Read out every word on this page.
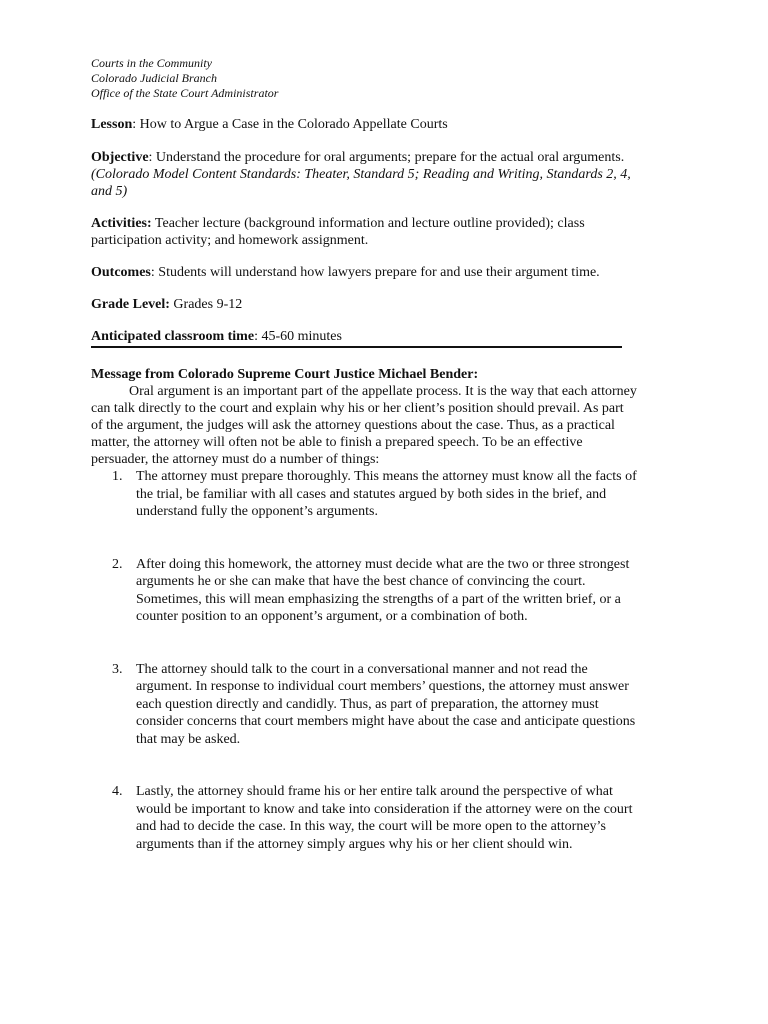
Courts in the Community
Colorado Judicial Branch
Office of the State Court Administrator

Lesson: How to Argue a Case in the Colorado Appellate Courts

Objective: Understand the procedure for oral arguments; prepare for the actual oral arguments. (Colorado Model Content Standards: Theater, Standard 5; Reading and Writing, Standards 2, 4, and 5)

Activities: Teacher lecture (background information and lecture outline provided); class participation activity; and homework assignment.

Outcomes: Students will understand how lawyers prepare for and use their argument time.

Grade Level: Grades 9-12

Anticipated classroom time: 45-60 minutes

Message from Colorado Supreme Court Justice Michael Bender:

Oral argument is an important part of the appellate process. It is the way that each attorney can talk directly to the court and explain why his or her client’s position should prevail. As part of the argument, the judges will ask the attorney questions about the case. Thus, as a practical matter, the attorney will often not be able to finish a prepared speech. To be an effective persuader, the attorney must do a number of things:

1. The attorney must prepare thoroughly. This means the attorney must know all the facts of the trial, be familiar with all cases and statutes argued by both sides in the brief, and understand fully the opponent’s arguments.
2. After doing this homework, the attorney must decide what are the two or three strongest arguments he or she can make that have the best chance of convincing the court. Sometimes, this will mean emphasizing the strengths of a part of the written brief, or a counter position to an opponent’s argument, or a combination of both.
3. The attorney should talk to the court in a conversational manner and not read the argument. In response to individual court members’ questions, the attorney must answer each question directly and candidly. Thus, as part of preparation, the attorney must consider concerns that court members might have about the case and anticipate questions that may be asked.
4. Lastly, the attorney should frame his or her entire talk around the perspective of what would be important to know and take into consideration if the attorney were on the court and had to decide the case. In this way, the court will be more open to the attorney’s arguments than if the attorney simply argues why his or her client should win.
